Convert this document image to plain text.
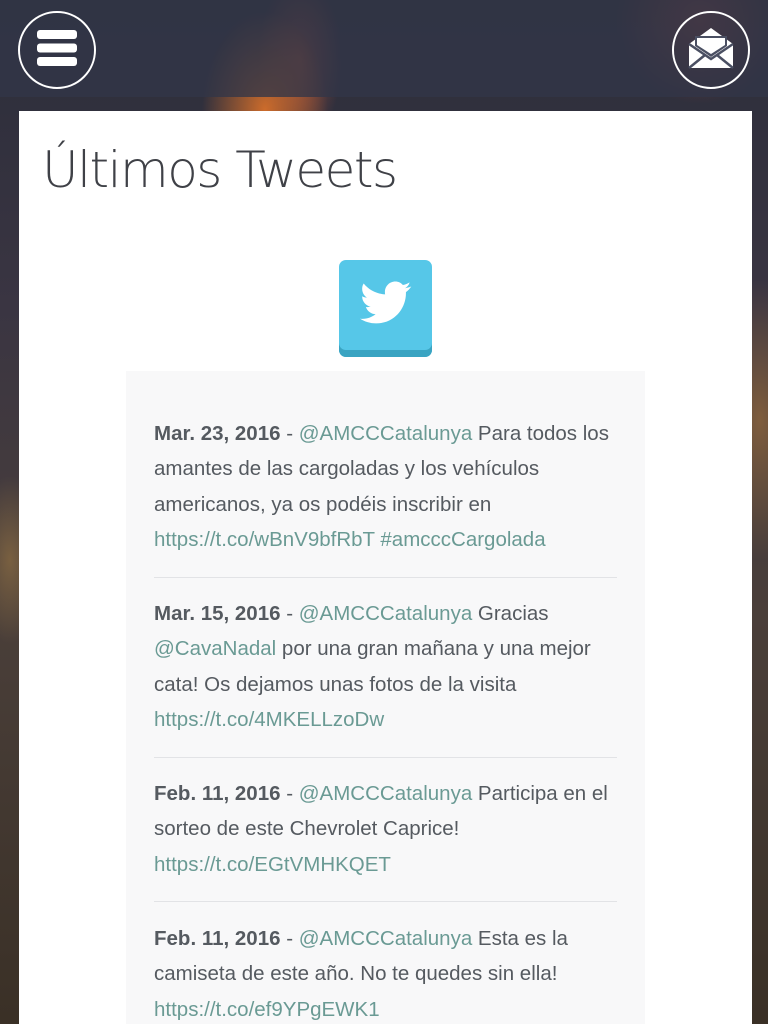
Últimos Tweets
Mar. 23, 2016 - @AMCCCatalunya Para todos los amantes de las cargoladas y los vehículos americanos, ya os podéis inscribir en https://t.co/wBnV9bfRbT #amcccCargolada
Mar. 15, 2016 - @AMCCCatalunya Gracias @CavaNadal por una gran mañana y una mejor cata! Os dejamos unas fotos de la visita https://t.co/4MKELLzoDw
Feb. 11, 2016 - @AMCCCatalunya Participa en el sorteo de este Chevrolet Caprice! https://t.co/EGtVMHKQET
Feb. 11, 2016 - @AMCCCatalunya Esta es la camiseta de este año. No te quedes sin ella! https://t.co/ef9YPgEWK1
